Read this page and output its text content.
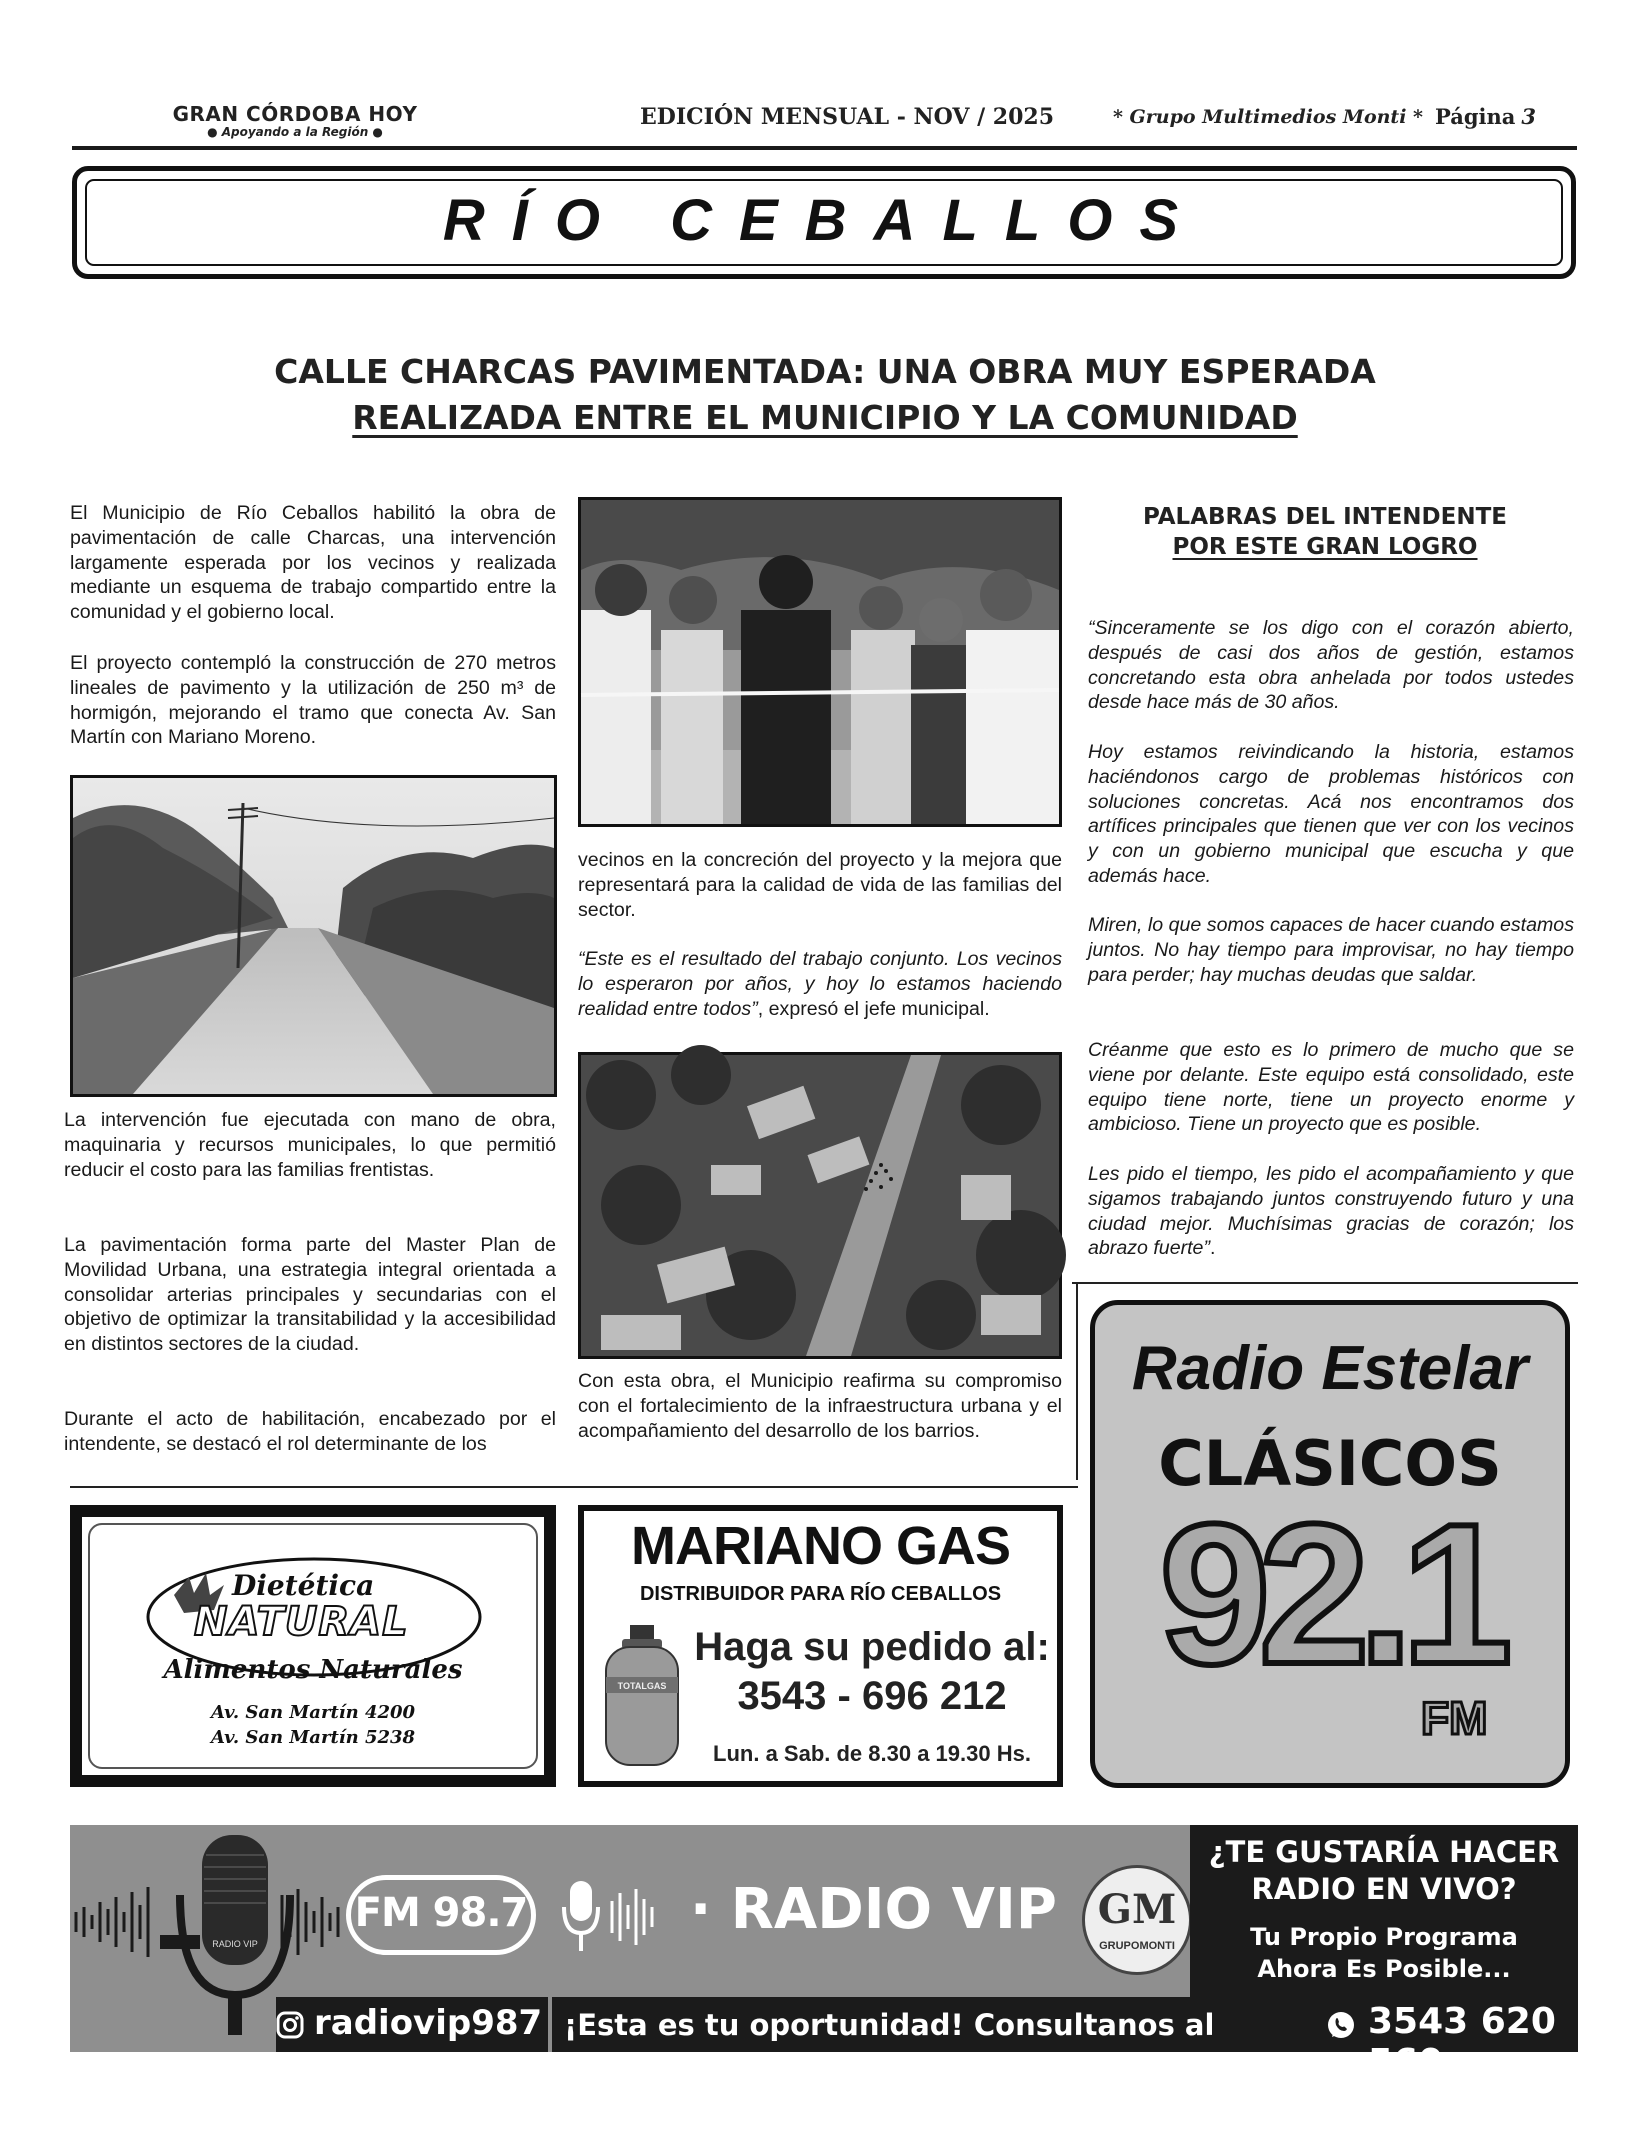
GRAN CÓRDOBA HOY
● Apoyando a la Región ●
EDICIÓN MENSUAL - NOV / 2025	* Grupo Multimedios Monti * Página 3
RÍO CEBALLOS
CALLE CHARCAS PAVIMENTADA: UNA OBRA MUY ESPERADA
REALIZADA ENTRE EL MUNICIPIO Y LA COMUNIDAD
El Municipio de Río Ceballos habilitó la obra de pavimentación de calle Charcas, una intervención largamente esperada por los vecinos y realizada mediante un esquema de trabajo compartido entre la comunidad y el gobierno local.
El proyecto contempló la construcción de 270 metros lineales de pavimento y la utilización de 250 m³ de hormigón, mejorando el tramo que conecta Av. San Martín con Mariano Moreno.
La intervención fue ejecutada con mano de obra, maquinaria y recursos municipales, lo que permitió reducir el costo para las familias frentistas.
La pavimentación forma parte del Master Plan de Movilidad Urbana, una estrategia integral orientada a consolidar arterias principales y secundarias con el objetivo de optimizar la transitabilidad y la accesibilidad en distintos sectores de la ciudad.
Durante el acto de habilitación, encabezado por el intendente, se destacó el rol determinante de los
vecinos en la concreción del proyecto y la mejora que representará para la calidad de vida de las familias del sector.
“Este es el resultado del trabajo conjunto. Los vecinos lo esperaron por años, y hoy lo estamos haciendo realidad entre todos”, expresó el jefe municipal.
Con esta obra, el Municipio reafirma su compromiso con el fortalecimiento de la infraestructura urbana y el acompañamiento del desarrollo de los barrios.
PALABRAS DEL INTENDENTE
POR ESTE GRAN LOGRO
“Sinceramente se los digo con el corazón abierto, después de casi dos años de gestión, estamos concretando esta obra anhelada por todos ustedes desde hace más de 30 años.
Hoy estamos reivindicando la historia, estamos haciéndonos cargo de problemas históricos con soluciones concretas. Acá nos encontramos dos artífices principales que tienen que ver con los vecinos y con un gobierno municipal que escucha y que además hace.
Miren, lo que somos capaces de hacer cuando estamos juntos. No hay tiempo para improvisar, no hay tiempo para perder; hay muchas deudas que saldar.
Créanme que esto es lo primero de mucho que se viene por delante. Este equipo está consolidado, este equipo tiene norte, tiene un proyecto enorme y ambicioso. Tiene un proyecto que es posible.
Les pido el tiempo, les pido el acompañamiento y que sigamos trabajando juntos construyendo futuro y una ciudad mejor. Muchísimas gracias de corazón; los abrazo fuerte”.
Dietética
NATURAL
Alimentos Naturales
Av. San Martín 4200
Av. San Martín 5238
MARIANO GAS
DISTRIBUIDOR PARA RÍO CEBALLOS
TOTALGAS
Haga su pedido al:
3543 - 696 212
Lun. a Sab. de 8.30 a 19.30 Hs.
Radio Estelar
CLÁSICOS
92.1
FM
RADIO VIP
FM 98.7	· RADIO VIP	GM
GRUPOMONTI
¿TE GUSTARÍA HACER
RADIO EN VIVO?
Tu Propio Programa
Ahora Es Posible...
radiovip987 ¡Esta es tu oportunidad! Consultanos al	3543 620 560
